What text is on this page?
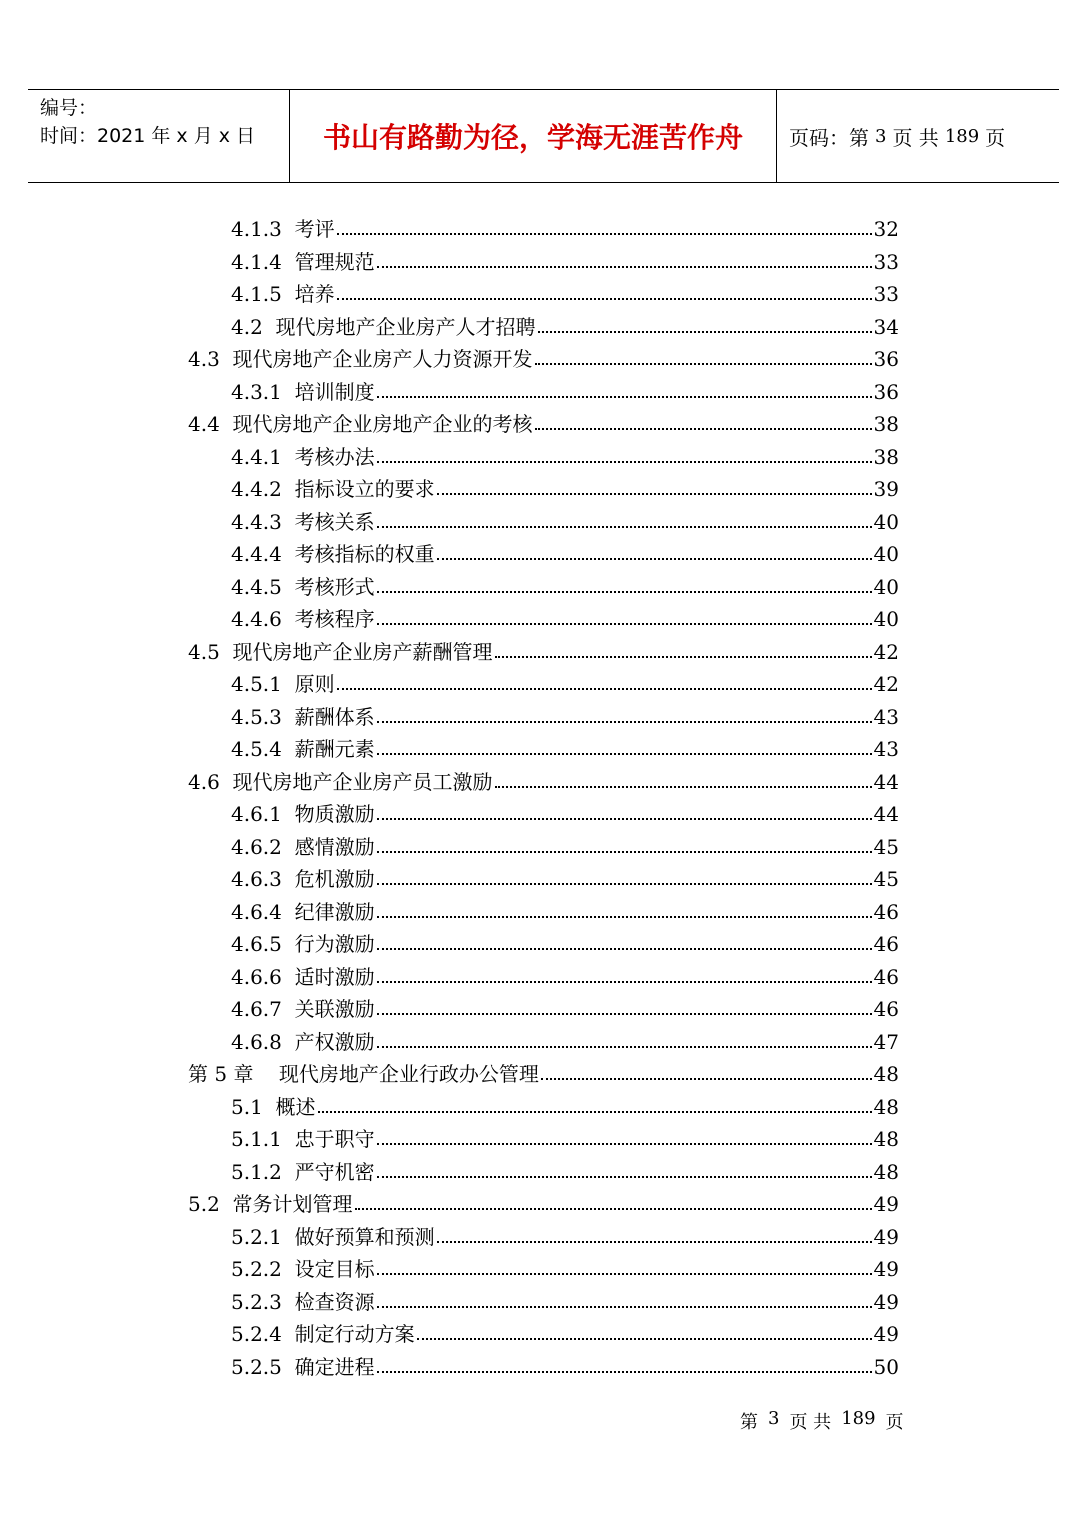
编号：
时间：2021 年 x 月 x 日	书山有路勤为径，学海无涯苦作舟	页码：第 3 页 共 189 页
4.1.3  考评	32
4.1.4  管理规范	33
4.1.5  培养	33
4.2  现代房地产企业房产人才招聘	34
4.3  现代房地产企业房产人力资源开发	36
4.3.1  培训制度	36
4.4  现代房地产企业房地产企业的考核	38
4.4.1  考核办法	38
4.4.2  指标设立的要求	39
4.4.3  考核关系	40
4.4.4  考核指标的权重	40
4.4.5  考核形式	40
4.4.6  考核程序	40
4.5  现代房地产企业房产薪酬管理	42
4.5.1  原则	42
4.5.3  薪酬体系	43
4.5.4  薪酬元素	43
4.6  现代房地产企业房产员工激励	44
4.6.1  物质激励	44
4.6.2  感情激励	45
4.6.3  危机激励	45
4.6.4  纪律激励	46
4.6.5  行为激励	46
4.6.6  适时激励	46
4.6.7  关联激励	46
4.6.8  产权激励	47
第 5 章    现代房地产企业行政办公管理	48
5.1  概述	48
5.1.1  忠于职守	48
5.1.2  严守机密	48
5.2  常务计划管理	49
5.2.1  做好预算和预测	49
5.2.2  设定目标	49
5.2.3  检查资源	49
5.2.4  制定行动方案	49
5.2.5  确定进程	50
第 3 页 共 189 页
